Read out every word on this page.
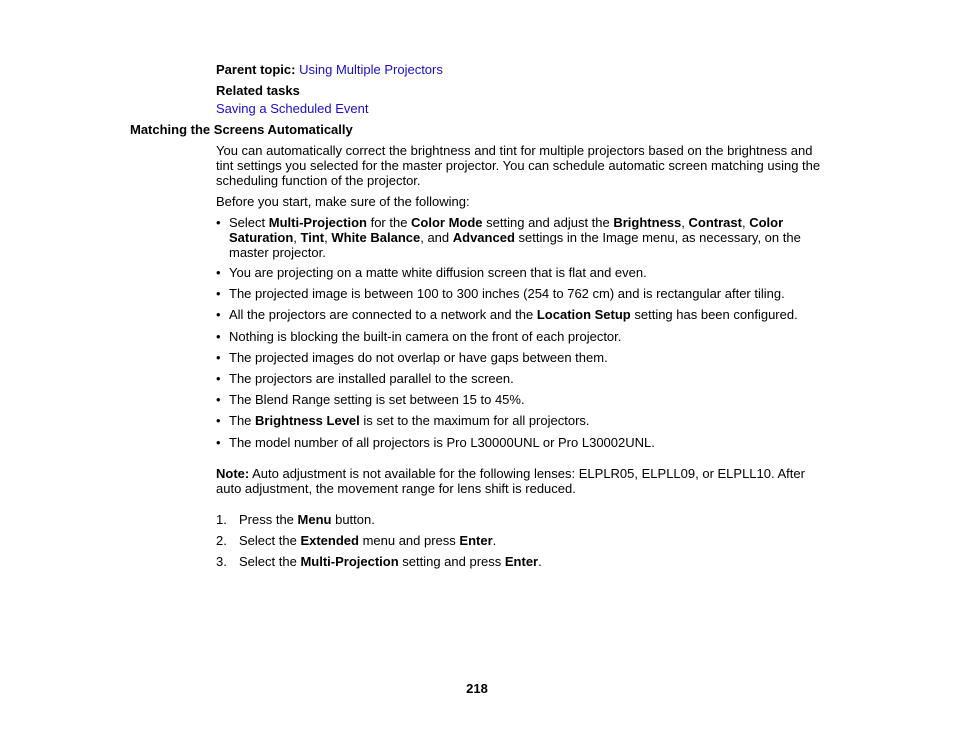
Parent topic: Using Multiple Projectors
Related tasks
Saving a Scheduled Event
Matching the Screens Automatically
You can automatically correct the brightness and tint for multiple projectors based on the brightness and tint settings you selected for the master projector. You can schedule automatic screen matching using the scheduling function of the projector.
Before you start, make sure of the following:
• Select Multi-Projection for the Color Mode setting and adjust the Brightness, Contrast, Color Saturation, Tint, White Balance, and Advanced settings in the Image menu, as necessary, on the master projector.
• You are projecting on a matte white diffusion screen that is flat and even.
• The projected image is between 100 to 300 inches (254 to 762 cm) and is rectangular after tiling.
• All the projectors are connected to a network and the Location Setup setting has been configured.
• Nothing is blocking the built-in camera on the front of each projector.
• The projected images do not overlap or have gaps between them.
• The projectors are installed parallel to the screen.
• The Blend Range setting is set between 15 to 45%.
• The Brightness Level is set to the maximum for all projectors.
• The model number of all projectors is Pro L30000UNL or Pro L30002UNL.
Note: Auto adjustment is not available for the following lenses: ELPLR05, ELPLL09, or ELPLL10. After auto adjustment, the movement range for lens shift is reduced.
1. Press the Menu button.
2. Select the Extended menu and press Enter.
3. Select the Multi-Projection setting and press Enter.
218
